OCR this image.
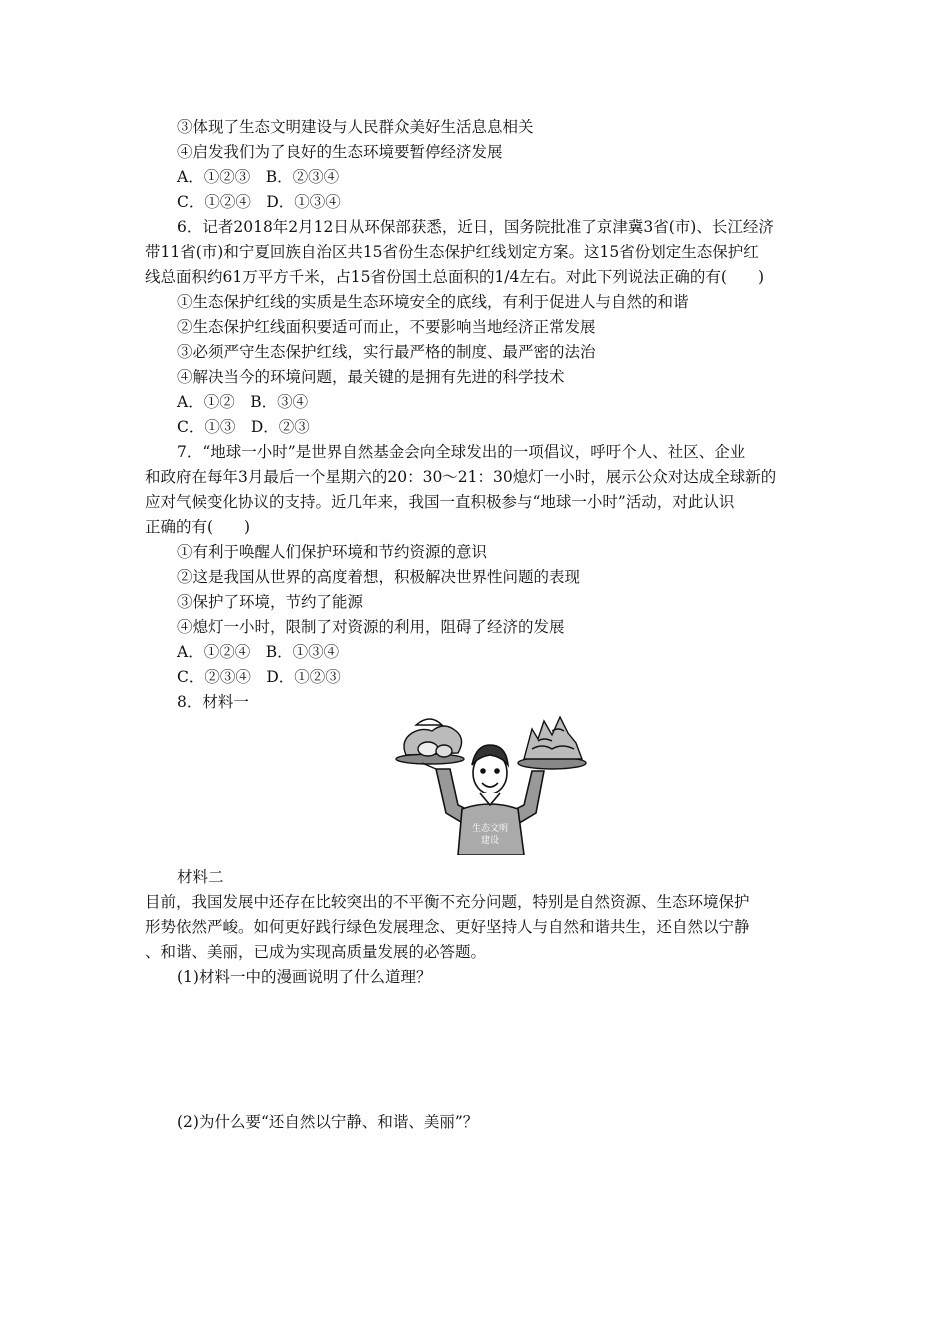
③体现了生态文明建设与人民群众美好生活息息相关
④启发我们为了良好的生态环境要暂停经济发展
A．①②③　B．②③④
C．①②④　D．①③④
6．记者2018年2月12日从环保部获悉，近日，国务院批准了京津冀3省(市)、长江经济
带11省(市)和宁夏回族自治区共15省份生态保护红线划定方案。这15省份划定生态保护红
线总面积约61万平方千米，占15省份国土总面积的1/4左右。对此下列说法正确的有(　　)
①生态保护红线的实质是生态环境安全的底线，有利于促进人与自然的和谐
②生态保护红线面积要适可而止，不要影响当地经济正常发展
③必须严守生态保护红线，实行最严格的制度、最严密的法治
④解决当今的环境问题，最关键的是拥有先进的科学技术
A．①②　B．③④
C．①③　D．②③
7．“地球一小时”是世界自然基金会向全球发出的一项倡议，呼吁个人、社区、企业
和政府在每年3月最后一个星期六的20：30～21：30熄灯一小时，展示公众对达成全球新的
应对气候变化协议的支持。近几年来，我国一直积极参与“地球一小时”活动，对此认识
正确的有(　　)
①有利于唤醒人们保护环境和节约资源的意识
②这是我国从世界的高度着想，积极解决世界性问题的表现
③保护了环境，节约了能源
④熄灯一小时，限制了对资源的利用，阻碍了经济的发展
A．①②④　B．①③④
C．②③④　D．①②③
8．材料一
生态文明
建设
材料二
目前，我国发展中还存在比较突出的不平衡不充分问题，特别是自然资源、生态环境保护
形势依然严峻。如何更好践行绿色发展理念、更好坚持人与自然和谐共生，还自然以宁静
、和谐、美丽，已成为实现高质量发展的必答题。
(1)材料一中的漫画说明了什么道理？
(2)为什么要“还自然以宁静、和谐、美丽”？
